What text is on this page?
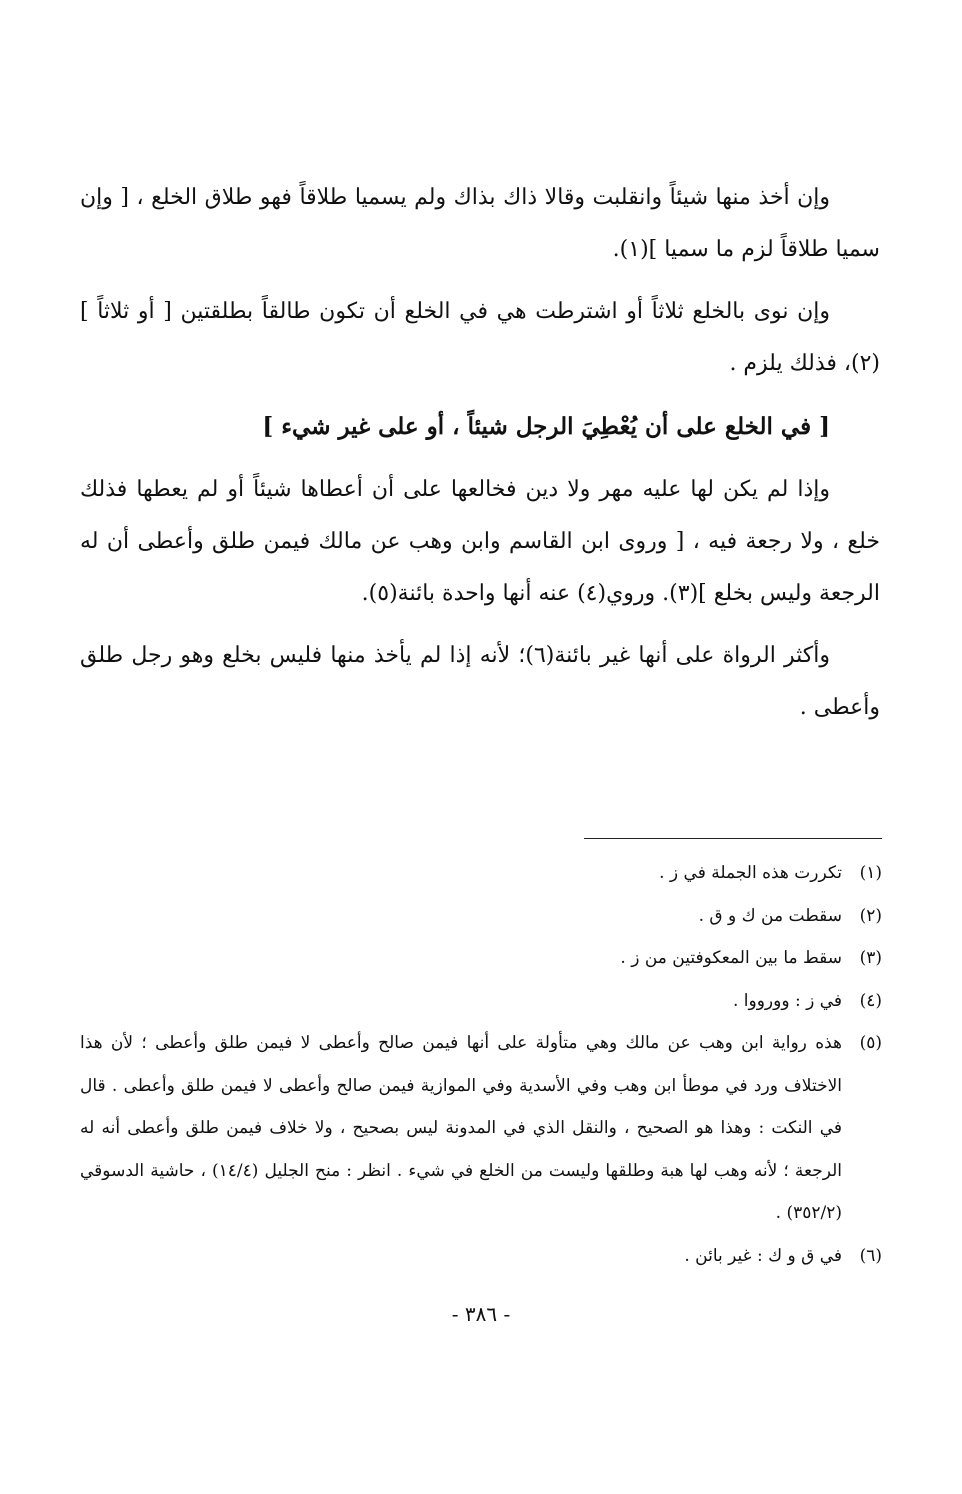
وإن أخذ منها شيئاً وانقلبت وقالا ذاك بذاك ولم يسميا طلاقاً فهو طلاق الخلع ، [ وإن سميا طلاقاً لزم ما سميا ](١).

وإن نوى بالخلع ثلاثاً أو اشترطت هي في الخلع أن تكون طالقاً بطلقتين [ أو ثلاثاً ](٢)، فذلك يلزم .

[ في الخلع على أن يُعْطِيَ الرجل شيئاً ، أو على غير شيء ]

وإذا لم يكن لها عليه مهر ولا دين فخالعها على أن أعطاها شيئاً أو لم يعطها فذلك خلع ، ولا رجعة فيه ، [ وروى ابن القاسم وابن وهب عن مالك فيمن طلق وأعطى أن له الرجعة وليس بخلع ](٣). وروي(٤) عنه أنها واحدة بائنة(٥).

وأكثر الرواة على أنها غير بائنة(٦)؛ لأنه إذا لم يأخذ منها فليس بخلع وهو رجل طلق وأعطى .

(١)
تكررت هذه الجملة في ز .
(٢)
سقطت من ك و ق .
(٣)
سقط ما بين المعكوفتين من ز .
(٤)
في ز : وورووا .
(٥)
هذه رواية ابن وهب عن مالك وهي متأولة على أنها فيمن صالح وأعطى لا فيمن طلق وأعطى ؛ لأن هذا الاختلاف ورد في موطأ ابن وهب وفي الأسدية وفي الموازية فيمن صالح وأعطى لا فيمن طلق وأعطى . قال في النكت : وهذا هو الصحيح ، والنقل الذي في المدونة ليس بصحيح ، ولا خلاف فيمن طلق وأعطى أنه له الرجعة ؛ لأنه وهب لها هبة وطلقها وليست من الخلع في شيء . انظر : منح الجليل (١٤/٤) ، حاشية الدسوقي (٣٥٢/٢) .
(٦)
في ق و ك : غير بائن .
- ٣٨٦ -
